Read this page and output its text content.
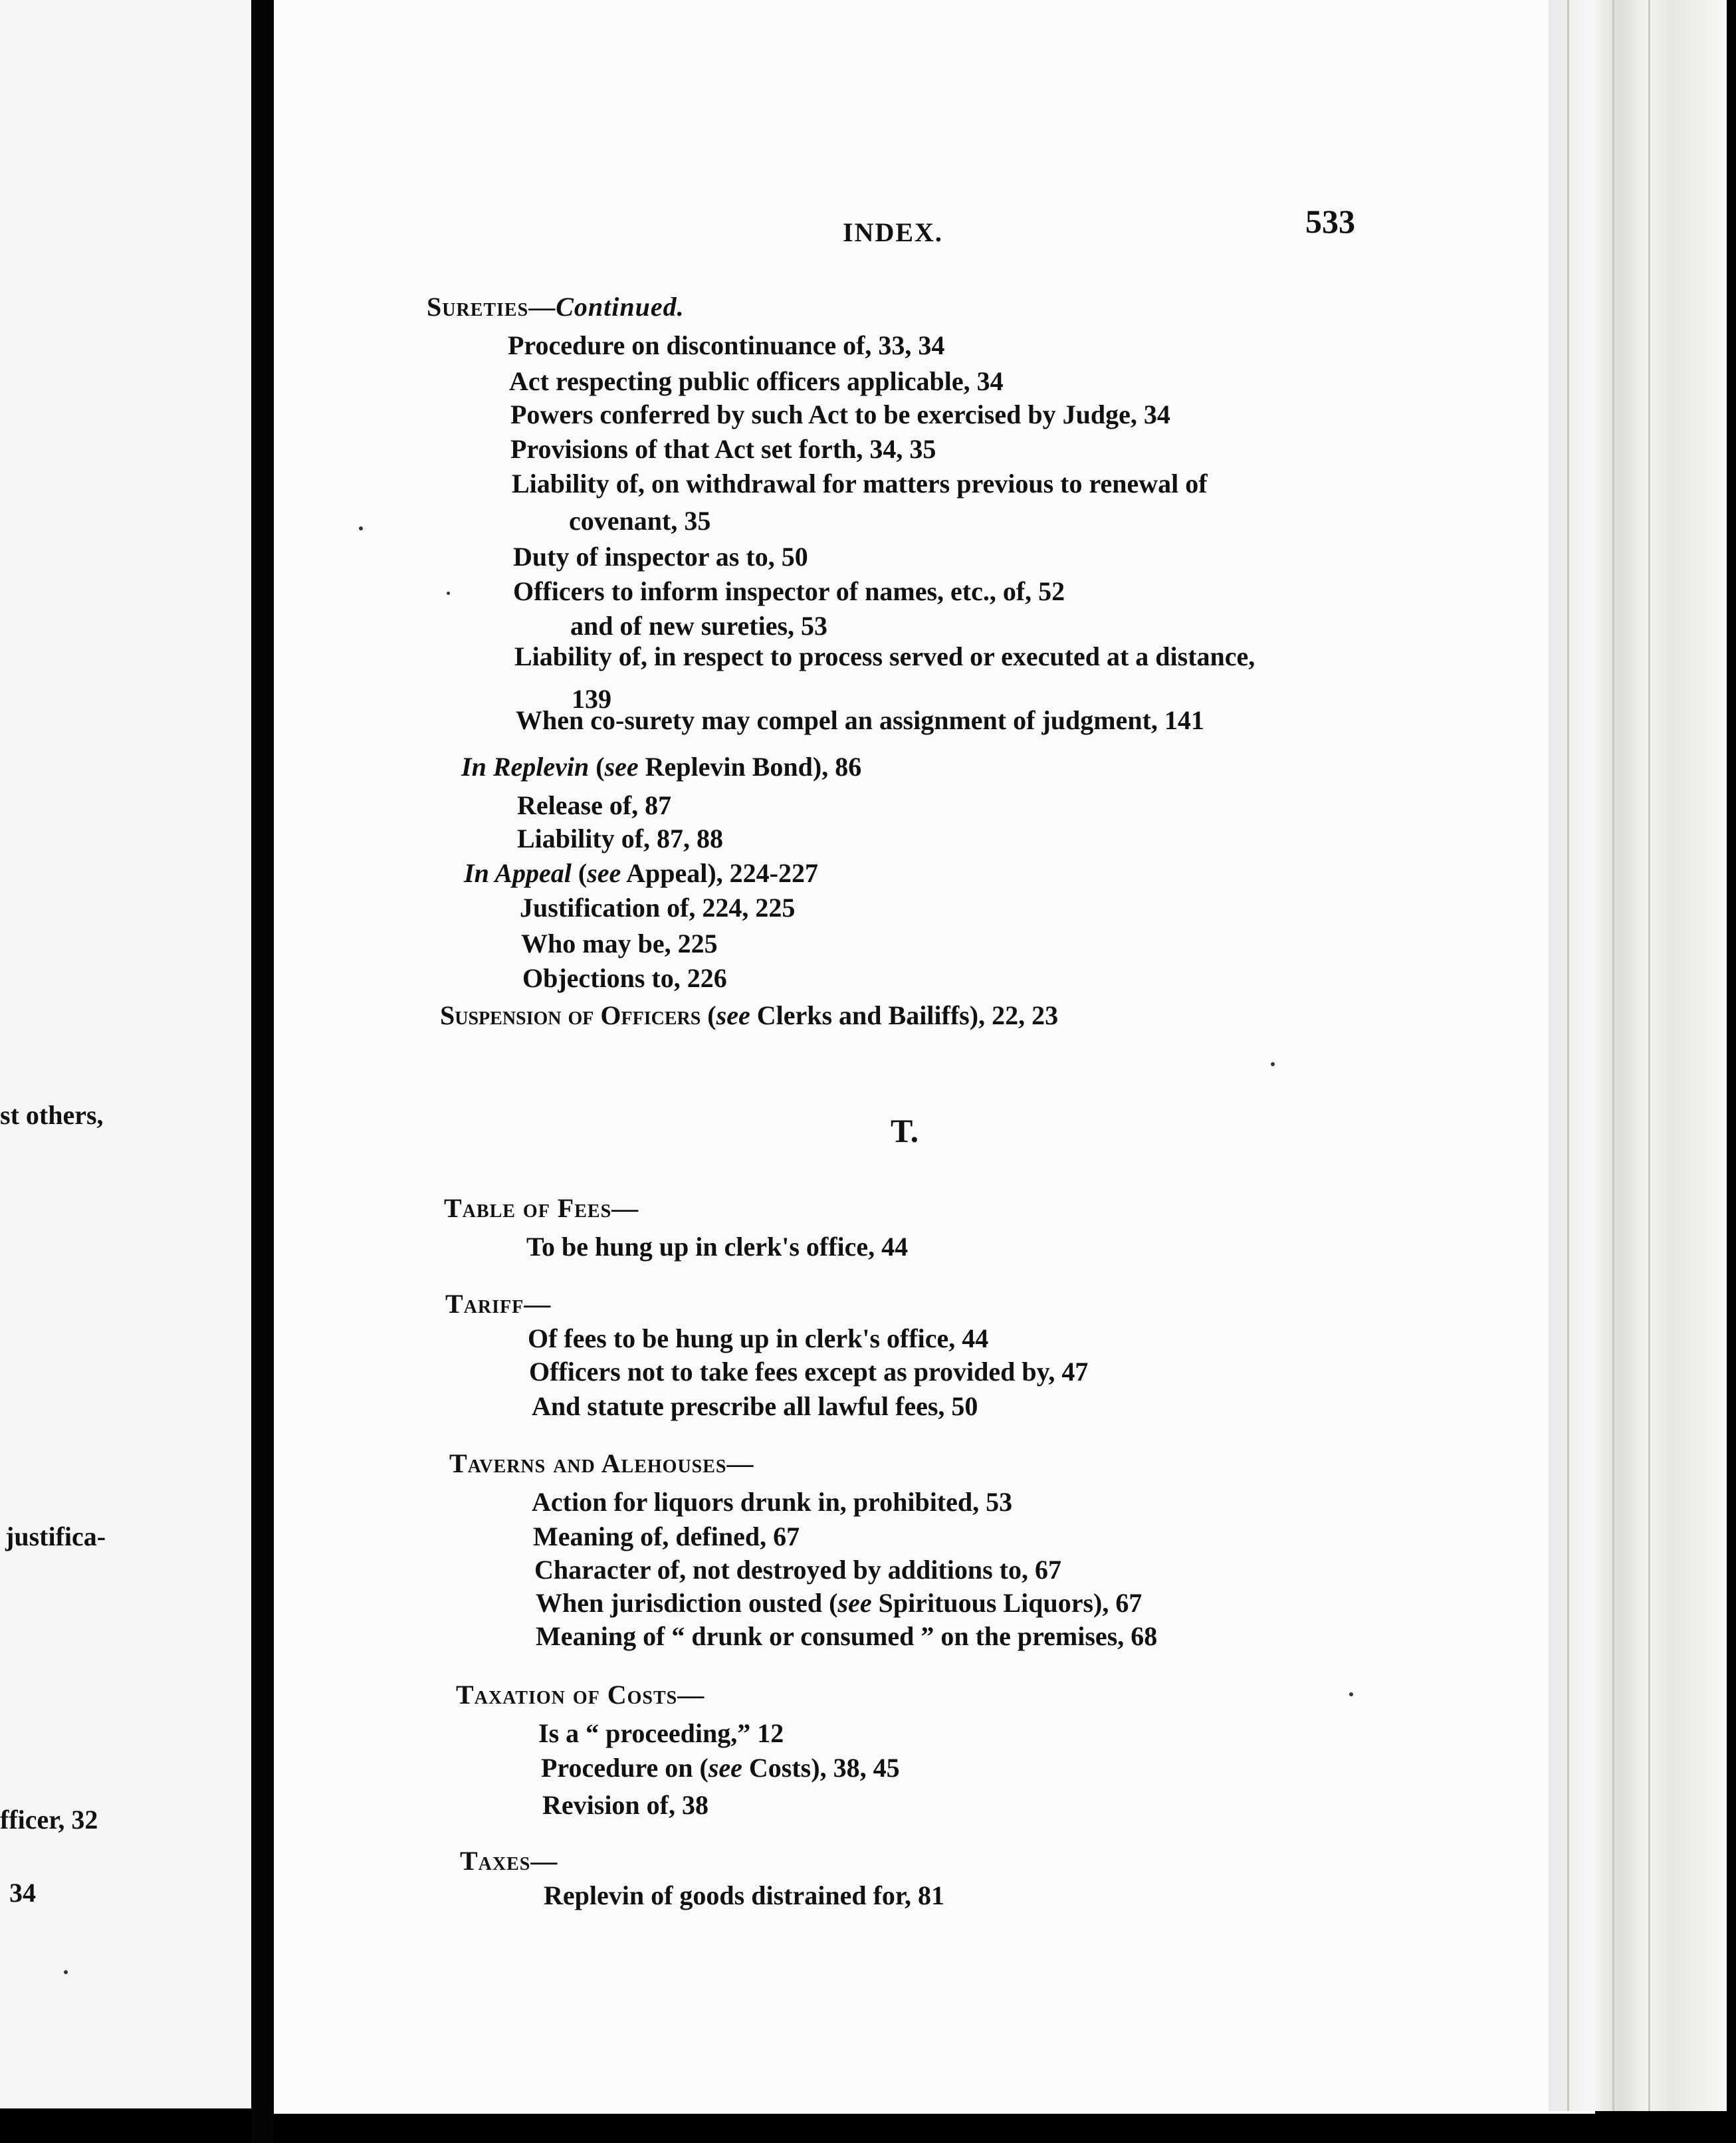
st others,
justifica-
fficer, 32
34
INDEX.	533
Sureties—Continued.
Procedure on discontinuance of, 33, 34
Act respecting public officers applicable, 34
Powers conferred by such Act to be exercised by Judge, 34
Provisions of that Act set forth, 34, 35
Liability of, on withdrawal for matters previous to renewal of
covenant, 35
Duty of inspector as to, 50
Officers to inform inspector of names, etc., of, 52
and of new sureties, 53
Liability of, in respect to process served or executed at a distance,
139
When co-surety may compel an assignment of judgment, 141
In Replevin (see Replevin Bond), 86
Release of, 87
Liability of, 87, 88
In Appeal (see Appeal), 224-227
Justification of, 224, 225
Who may be, 225
Objections to, 226
Suspension of Officers (see Clerks and Bailiffs), 22, 23
T.
Table of Fees—
To be hung up in clerk's office, 44
Tariff—
Of fees to be hung up in clerk's office, 44
Officers not to take fees except as provided by, 47
And statute prescribe all lawful fees, 50
Taverns and Alehouses—
Action for liquors drunk in, prohibited, 53
Meaning of, defined, 67
Character of, not destroyed by additions to, 67
When jurisdiction ousted (see Spirituous Liquors), 67
Meaning of “ drunk or consumed ” on the premises, 68
Taxation of Costs—
Is a “ proceeding,” 12
Procedure on (see Costs), 38, 45
Revision of, 38
Taxes—
Replevin of goods distrained for, 81
